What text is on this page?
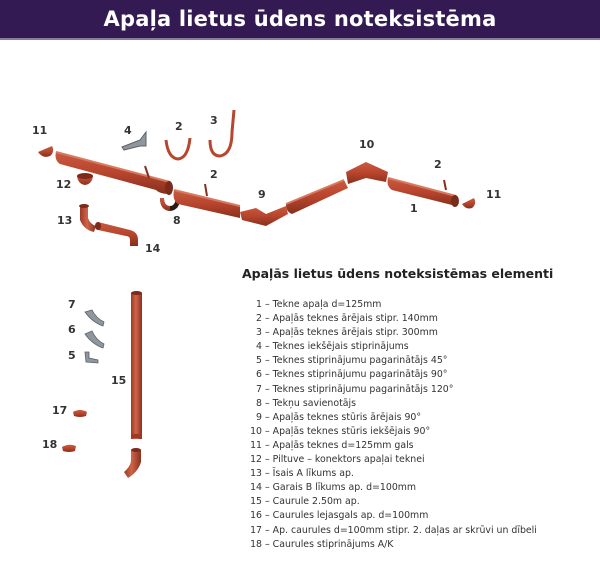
Apaļa lietus ūdens noteksistēma
11	4	2 3
12
2
9
10
2
11
1
13	8
14
7
6
5
15
17
18
Apaļās lietus ūdens noteksistēmas elementi
1 – Tekne apaļa d=125mm
2 – Apaļās teknes ārējais stipr. 140mm
3 – Apaļās teknes ārējais stipr. 300mm
4 – Teknes iekšējais stiprinājums
5 – Teknes stiprinājumu pagarinātājs 45°
6 – Teknes stiprinājumu pagarinātājs 90°
7 – Teknes stiprinājumu pagarinātājs 120°
8 – Tekņu savienotājs
9 – Apaļās teknes stūris ārējais 90°
10 – Apaļās teknes stūris iekšējais 90°
11 – Apaļās teknes d=125mm gals
12 – Piltuve – konektors apaļai teknei
13 – Īsais A līkums ap.
14 – Garais B līkums ap. d=100mm
15 – Caurule 2.50m ap.
16 – Caurules lejasgals ap. d=100mm
17 – Ap. caurules d=100mm stipr. 2. daļas ar skrūvi un dībeli
18 – Caurules stiprinājums A/K
